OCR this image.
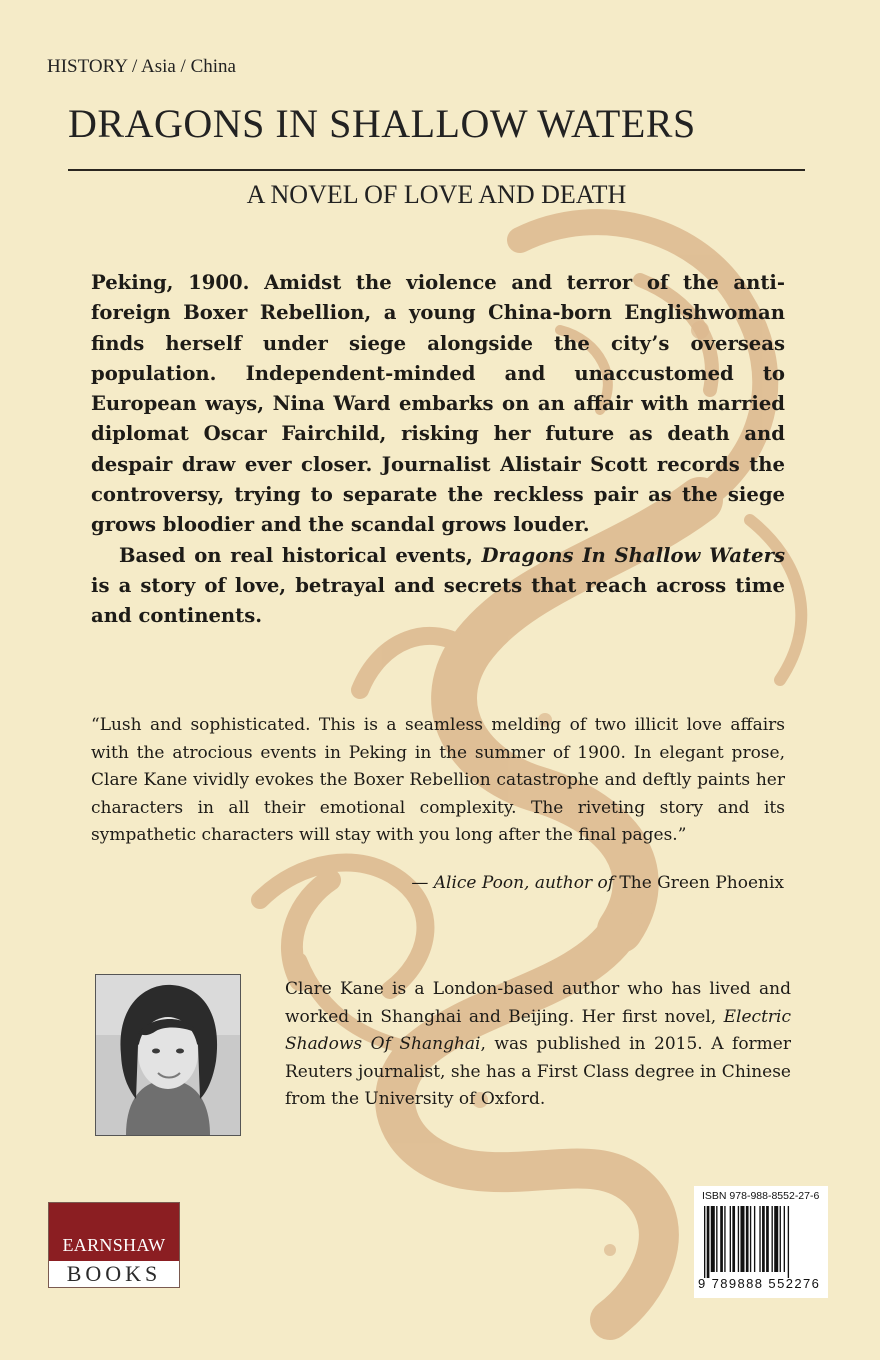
HISTORY / Asia / China
DRAGONS IN SHALLOW WATERS
A NOVEL OF LOVE AND DEATH

Peking, 1900. Amidst the violence and terror of the anti-foreign Boxer Rebellion, a young China-born Englishwoman finds herself under siege alongside the city’s overseas population. Independent-minded and unaccustomed to European ways, Nina Ward embarks on an affair with married diplomat Oscar Fairchild, risking her future as death and despair draw ever closer. Journalist Alistair Scott records the controversy, trying to separate the reckless pair as the siege grows bloodier and the scandal grows louder.

Based on real historical events, Dragons In Shallow Waters is a story of love, betrayal and secrets that reach across time and continents.

“Lush and sophisticated. This is a seamless melding of two illicit love affairs with the atrocious events in Peking in the summer of 1900. In elegant prose, Clare Kane vividly evokes the Boxer Rebellion catastrophe and deftly paints her characters in all their emotional complexity. The riveting story and its sympathetic characters will stay with you long after the final pages.”

— Alice Poon, author of The Green Phoenix

Clare Kane is a London-based author who has lived and worked in Shanghai and Beijing. Her first novel, Electric Shadows Of Shanghai, was published in 2015. A former Reuters journalist, she has a First Class degree in Chinese from the University of Oxford.

EARNSHAW
BOOKS
ISBN 978-988-8552-27-6
9 789888 552276
